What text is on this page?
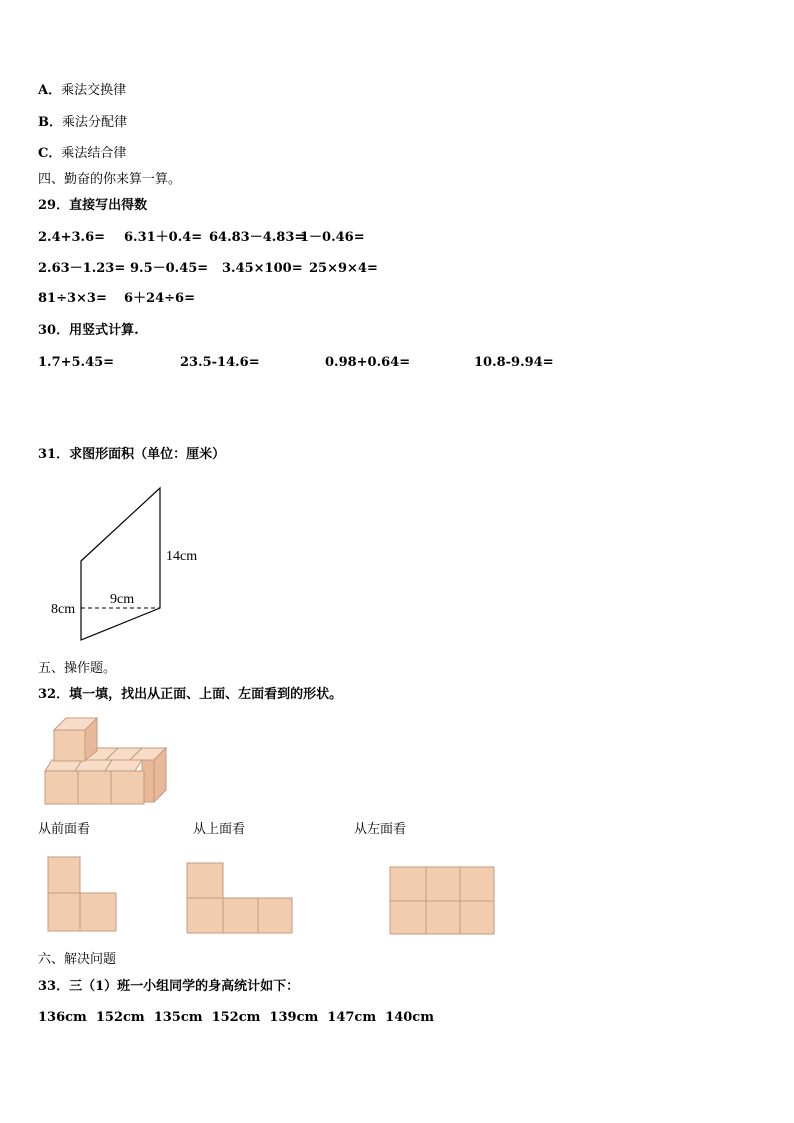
A．乘法交换律
B．乘法分配律
C．乘法结合律
四、勤奋的你来算一算。
29．直接写出得数
2.4+3.6= 6.31＋0.4= 64.83－4.83=
1－0.46=
2.63－1.23= 9.5－0.45= 3.45×100= 25×9×4=
81÷3×3= 6＋24÷6=
30．用竖式计算.
1.7+5.45=	23.5-14.6=	0.98+0.64=	10.8-9.94=
31．求图形面积（单位：厘米）
14cm
9cm
8cm
五、操作题。
32．填一填，找出从正面、上面、左面看到的形状。
从前面看	从上面看	从左面看
六、解决问题
33．三（1）班一小组同学的身高统计如下：
136cm  152cm  135cm  152cm  139cm  147cm  140cm
